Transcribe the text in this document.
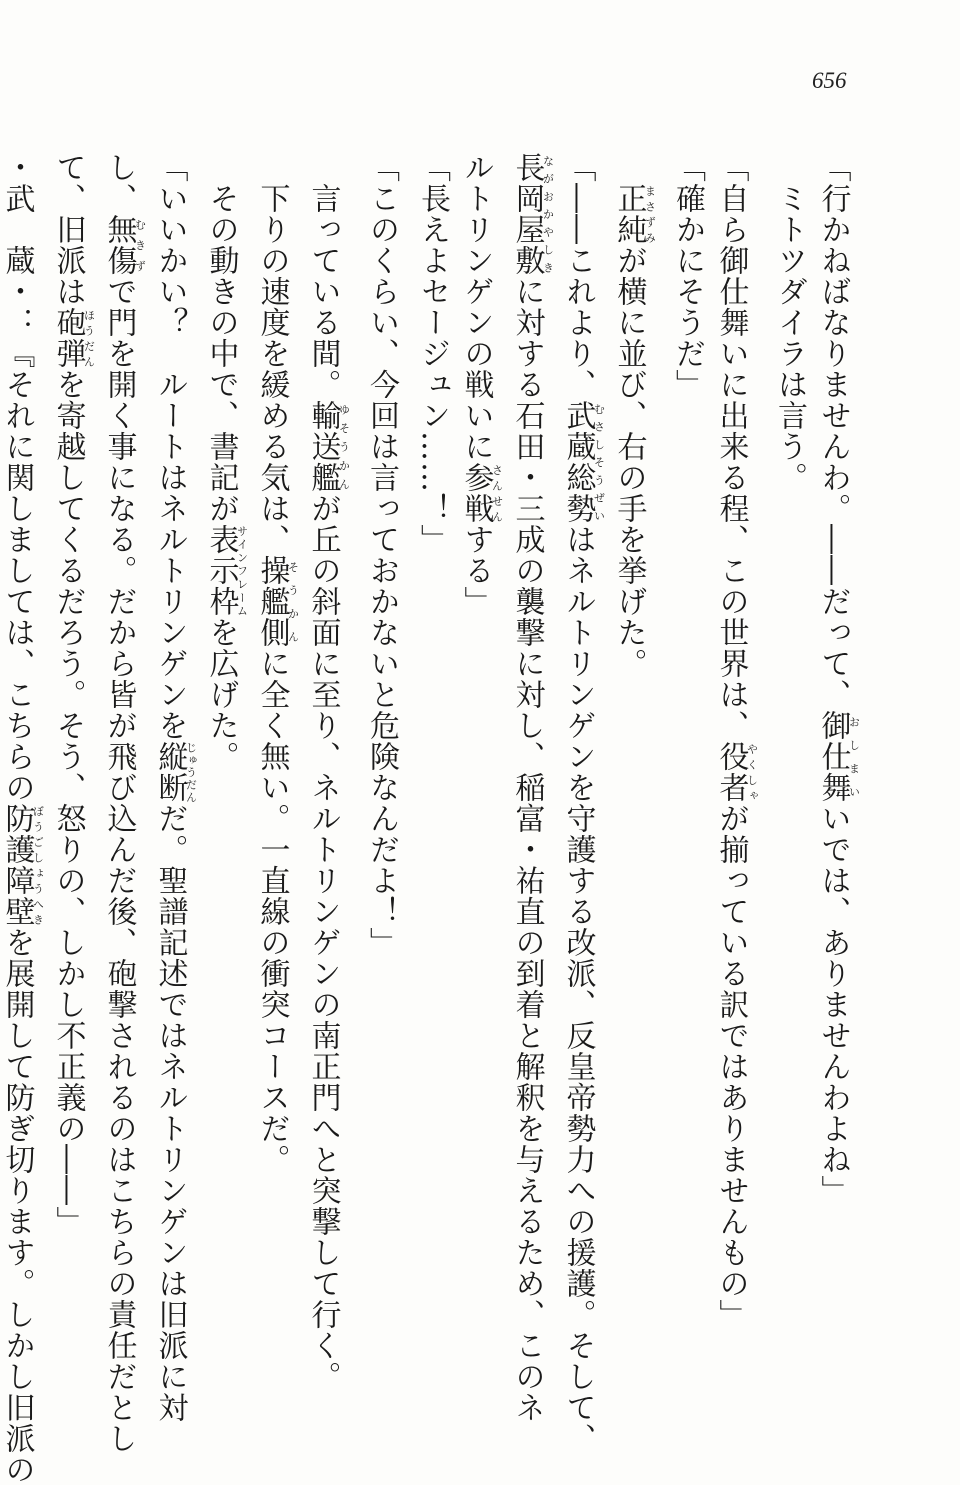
656
「行かねばなりませんわ。――だって、御仕舞おしまいいでは、ありませんわよね」
　ミトツダイラは言う。
「自ら御仕舞いに出来る程、この世界は、役者やくしゃが揃っている訳ではありませんもの」
「確かにそうだ」
　正純まさずみが横に並び、右の手を挙げた。
「――これより、武蔵総勢むさしそうぜいはネルトリンゲンを守護する改派、反皇帝勢力への援護。そして、
長岡屋敷ながおかやしきに対する石田・三成の襲撃に対し、稲富・祐直の到着と解釈を与えるため、このネ
ルトリンゲンの戦いに参戦さんせんする」
「長えよセージュン……！」
「このくらい、今回は言っておかないと危険なんだよ！」
　言っている間。輸送艦ゆそうかんが丘の斜面に至り、ネルトリンゲンの南正門へと突撃して行く。
　下りの速度を緩める気は、操艦側そうかんに全く無い。一直線の衝突コースだ。
　その動きの中で、書記が表示枠サインフレームを広げた。
「いいかい？　ルートはネルトリンゲンを縦断じゅうだんだ。聖譜記述ではネルトリンゲンは旧派に対
し、無傷むきずで門を開く事になる。だから皆が飛び込んだ後、砲撃されるのはこちらの責任だとし
て、旧派は砲弾ほうだんを寄越してくるだろう。そう、怒りの、しかし不正義の――」
・武　蔵・：『それに関しましては、こちらの防護障壁ぼうごしょうへきを展開して防ぎ切ります。しかし旧派の
